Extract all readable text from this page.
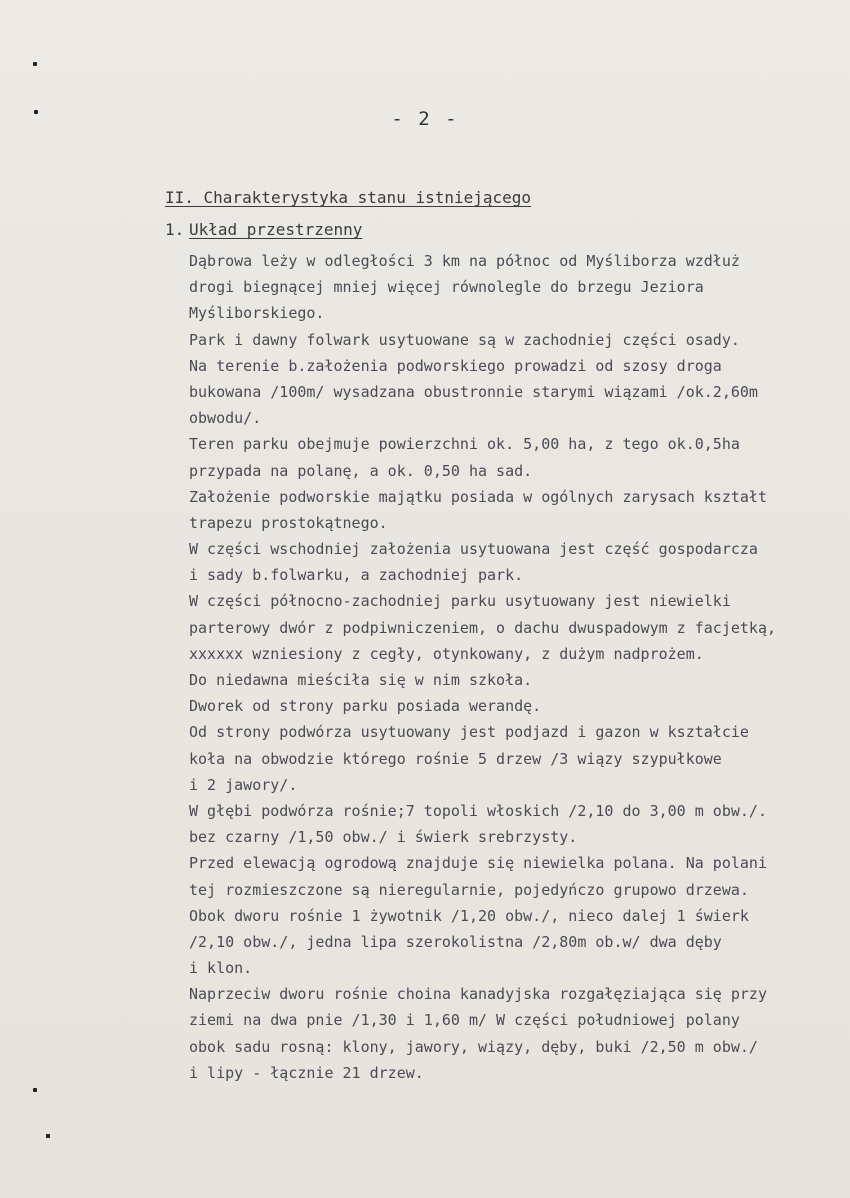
- 2 -
II. Charakterystyka stanu istniejącego
1. Układ przestrzenny
Dąbrowa leży w odległości 3 km na północ od Myśliborza wzdłuż
drogi biegnącej mniej więcej równolegle do brzegu Jeziora
Myśliborskiego.
Park i dawny folwark usytuowane są w zachodniej części osady.
Na terenie b.założenia podworskiego prowadzi od szosy droga
bukowana /100m/ wysadzana obustronnie starymi wiązami /ok.2,60m
obwodu/.
Teren parku obejmuje powierzchni ok. 5,00 ha, z tego ok.0,5ha
przypada na polanę, a ok. 0,50 ha sad.
Założenie podworskie majątku posiada w ogólnych zarysach kształt
trapezu prostokątnego.
W części wschodniej założenia usytuowana jest część gospodarcza
i sady b.folwarku, a zachodniej park.
W części północno-zachodniej parku usytuowany jest niewielki
parterowy dwór z podpiwniczeniem, o dachu dwuspadowym z facjetką,
xxxxxx wzniesiony z cegły, otynkowany, z dużym nadprożem.
Do niedawna mieściła się w nim szkoła.
Dworek od strony parku posiada werandę.
Od strony podwórza usytuowany jest podjazd i gazon w kształcie
koła na obwodzie którego rośnie 5 drzew /3 wiązy szypułkowe
i 2 jawory/.
W głębi podwórza rośnie;7 topoli włoskich /2,10 do 3,00 m obw./.
bez czarny /1,50 obw./ i świerk srebrzysty.
Przed elewacją ogrodową znajduje się niewielka polana. Na polani
tej rozmieszczone są nieregularnie, pojedyńczo grupowo drzewa.
Obok dworu rośnie 1 żywotnik /1,20 obw./, nieco dalej 1 świerk
/2,10 obw./, jedna lipa szerokolistna /2,80m ob.w/ dwa dęby
i klon.
Naprzeciw dworu rośnie choina kanadyjska rozgałęziająca się przy
ziemi na dwa pnie /1,30 i 1,60 m/ W części południowej polany
obok sadu rosną: klony, jawory, wiązy, dęby, buki /2,50 m obw./
i lipy - łącznie 21 drzew.
